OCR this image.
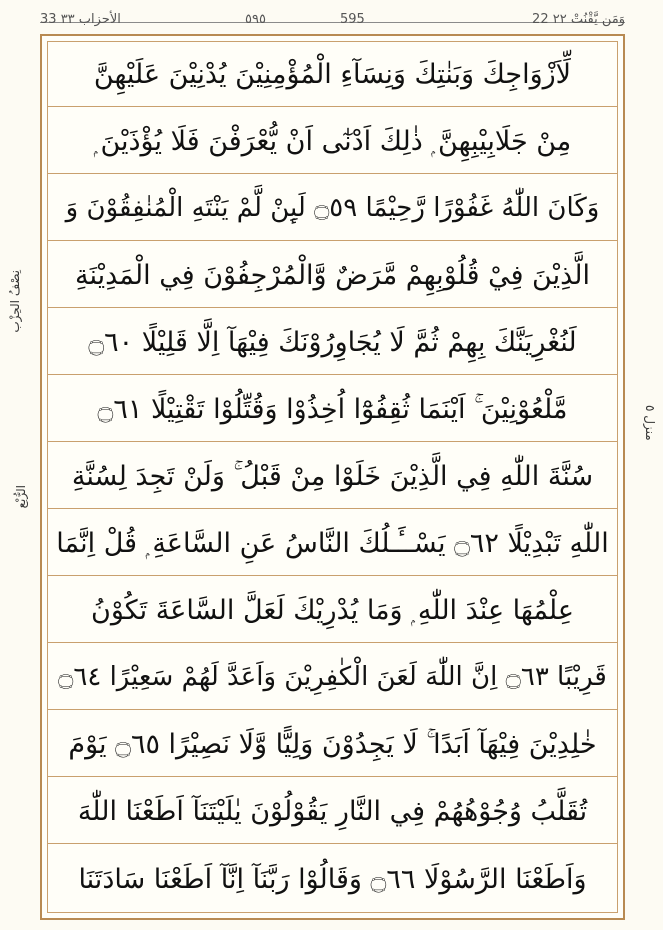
33 الأحزاب ٣٣	٥٩٥	595	22 وَمَن يَّقْنُتْ ٢٢
نِصْفُ الحِزْب
الرُّبْع
منزل ٥
لِّاَزْوَاجِكَ وَبَنٰتِكَ وَنِسَآءِ الْمُؤْمِنِيْنَ يُدْنِيْنَ عَلَيْهِنَّ
مِنْ جَلَابِيْبِهِنَّ ۭ ذٰلِكَ اَدْنٰٓى اَنْ يُّعْرَفْنَ فَلَا يُؤْذَيْنَ ۭ
وَكَانَ اللّٰهُ غَفُوْرًا رَّحِيْمًا ۝٥٩ لَىِٕنْ لَّمْ يَنْتَهِ الْمُنٰفِقُوْنَ وَ
الَّذِيْنَ فِيْ قُلُوْبِهِمْ مَّرَضٌ وَّالْمُرْجِفُوْنَ فِي الْمَدِيْنَةِ
لَنُغْرِيَنَّكَ بِهِمْ ثُمَّ لَا يُجَاوِرُوْنَكَ فِيْهَآ اِلَّا قَلِيْلًا ۝٦٠
مَّلْعُوْنِيْنَ ۚ اَيْنَمَا ثُقِفُوْٓا اُخِذُوْا وَقُتِّلُوْا تَقْتِيْلًا ۝٦١
سُنَّةَ اللّٰهِ فِي الَّذِيْنَ خَلَوْا مِنْ قَبْلُ ۚ وَلَنْ تَجِدَ لِسُنَّةِ
اللّٰهِ تَبْدِيْلًا ۝٦٢ يَسْــَٔـلُكَ النَّاسُ عَنِ السَّاعَةِ ۭ قُلْ اِنَّمَا
عِلْمُهَا عِنْدَ اللّٰهِ ۭ وَمَا يُدْرِيْكَ لَعَلَّ السَّاعَةَ تَكُوْنُ
قَرِيْبًا ۝٦٣ اِنَّ اللّٰهَ لَعَنَ الْكٰفِرِيْنَ وَاَعَدَّ لَهُمْ سَعِيْرًا ۝٦٤
خٰلِدِيْنَ فِيْهَآ اَبَدًا ۚ لَا يَجِدُوْنَ وَلِيًّا وَّلَا نَصِيْرًا ۝٦٥ يَوْمَ
تُقَلَّبُ وُجُوْهُهُمْ فِي النَّارِ يَقُوْلُوْنَ يٰلَيْتَنَآ اَطَعْنَا اللّٰهَ
وَاَطَعْنَا الرَّسُوْلَا ۝٦٦ وَقَالُوْا رَبَّنَآ اِنَّآ اَطَعْنَا سَادَتَنَا
